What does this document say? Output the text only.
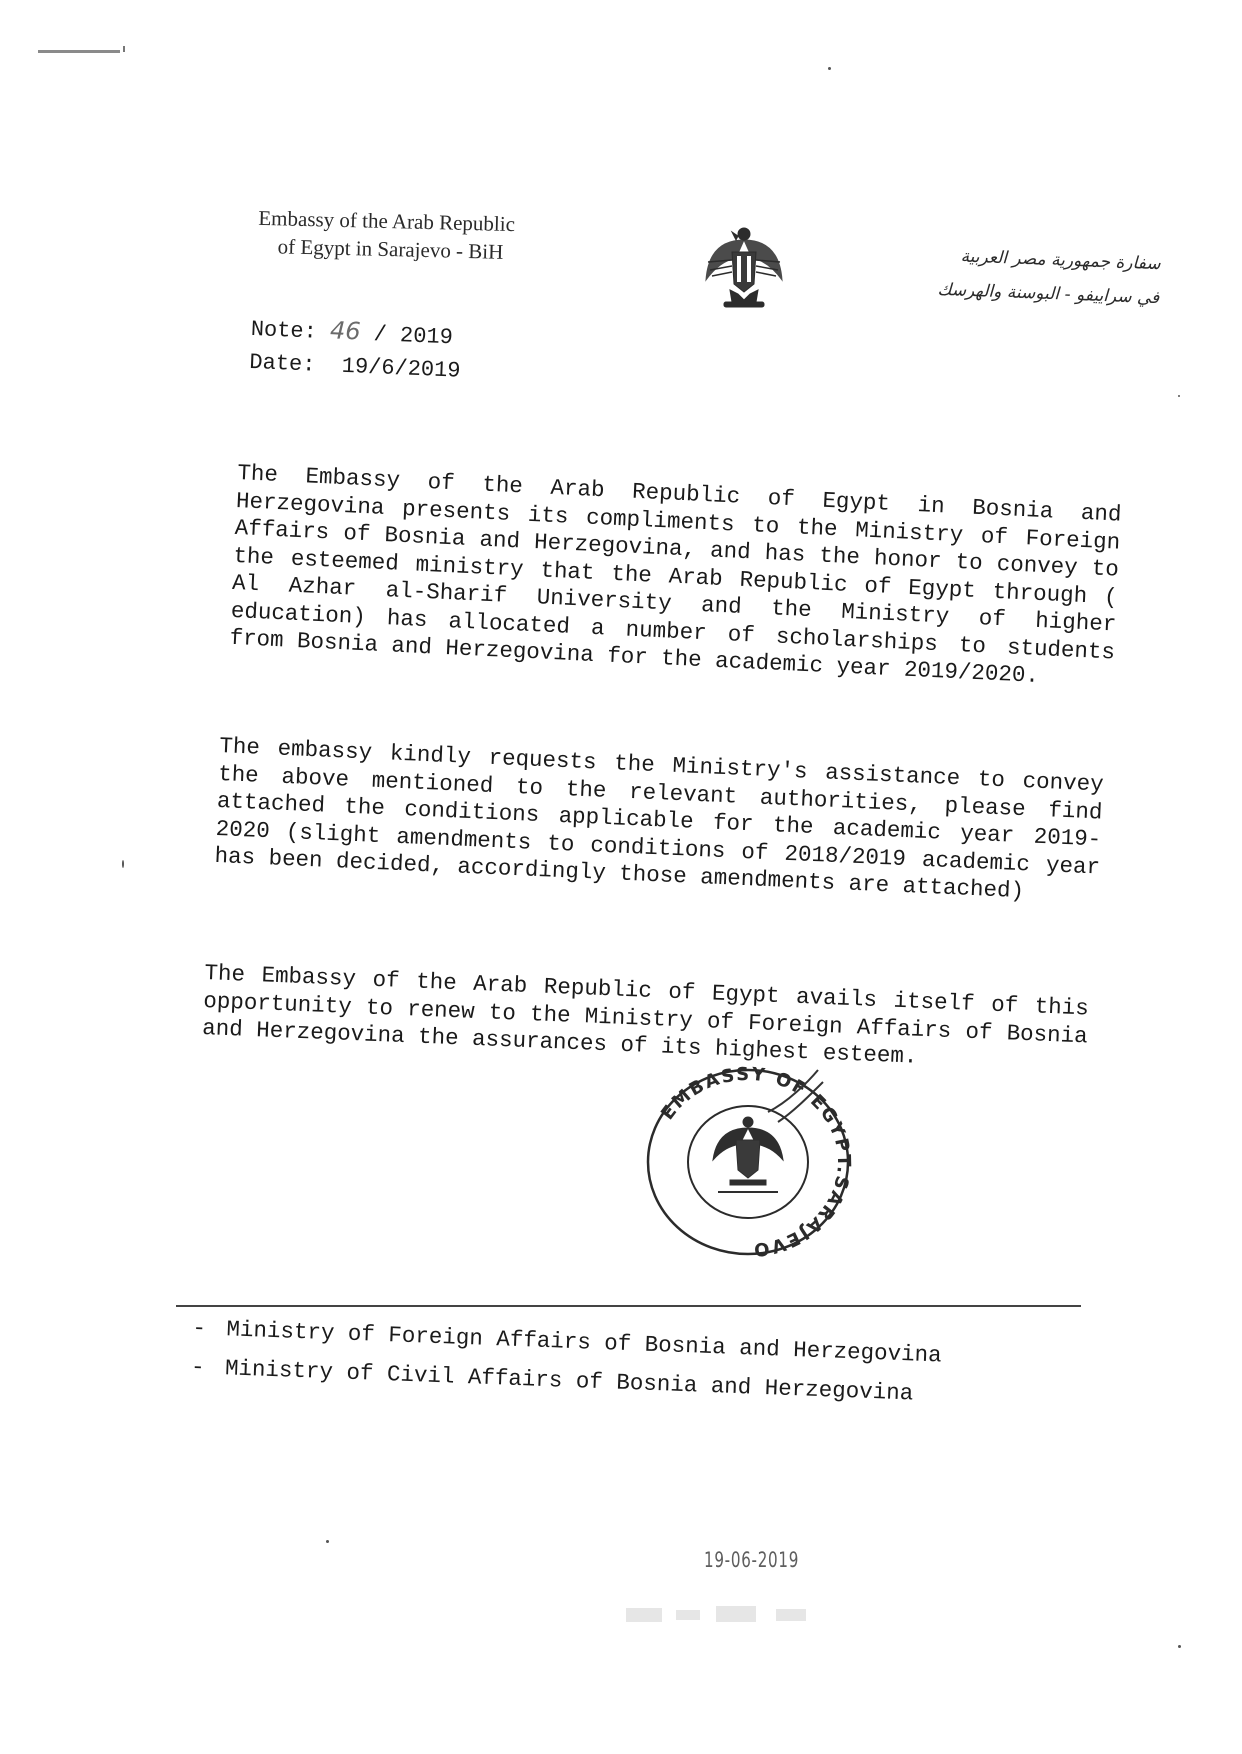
Embassy of the Arab Republic
of Egypt in Sarajevo - BiH	سفارة جمهورية مصر العربية
في سراييفو - البوسنة والهرسك
Note: 46 / 2019
Date: 19/6/2019
The Embassy of the Arab Republic of Egypt in Bosnia and Herzegovina presents its compliments to the Ministry of Foreign Affairs of Bosnia and Herzegovina, and has the honor to convey to the esteemed ministry that the Arab Republic of Egypt through ( Al Azhar al-Sharif University and the Ministry of higher education) has allocated a number of scholarships to students from Bosnia and Herzegovina for the academic year 2019/2020.
The embassy kindly requests the Ministry's assistance to convey the above mentioned to the relevant authorities, please find attached the conditions applicable for the academic year 2019-2020 (slight amendments to conditions of 2018/2019 academic year has been decided, accordingly those amendments are attached)
The Embassy of the Arab Republic of Egypt avails itself of this opportunity to renew to the Ministry of Foreign Affairs of Bosnia and Herzegovina the assurances of its highest esteem.
EMBASSY OF EGYPT.SARAJEVO
- Ministry of Foreign Affairs of Bosnia and Herzegovina
- Ministry of Civil Affairs of Bosnia and Herzegovina
19-06-2019
